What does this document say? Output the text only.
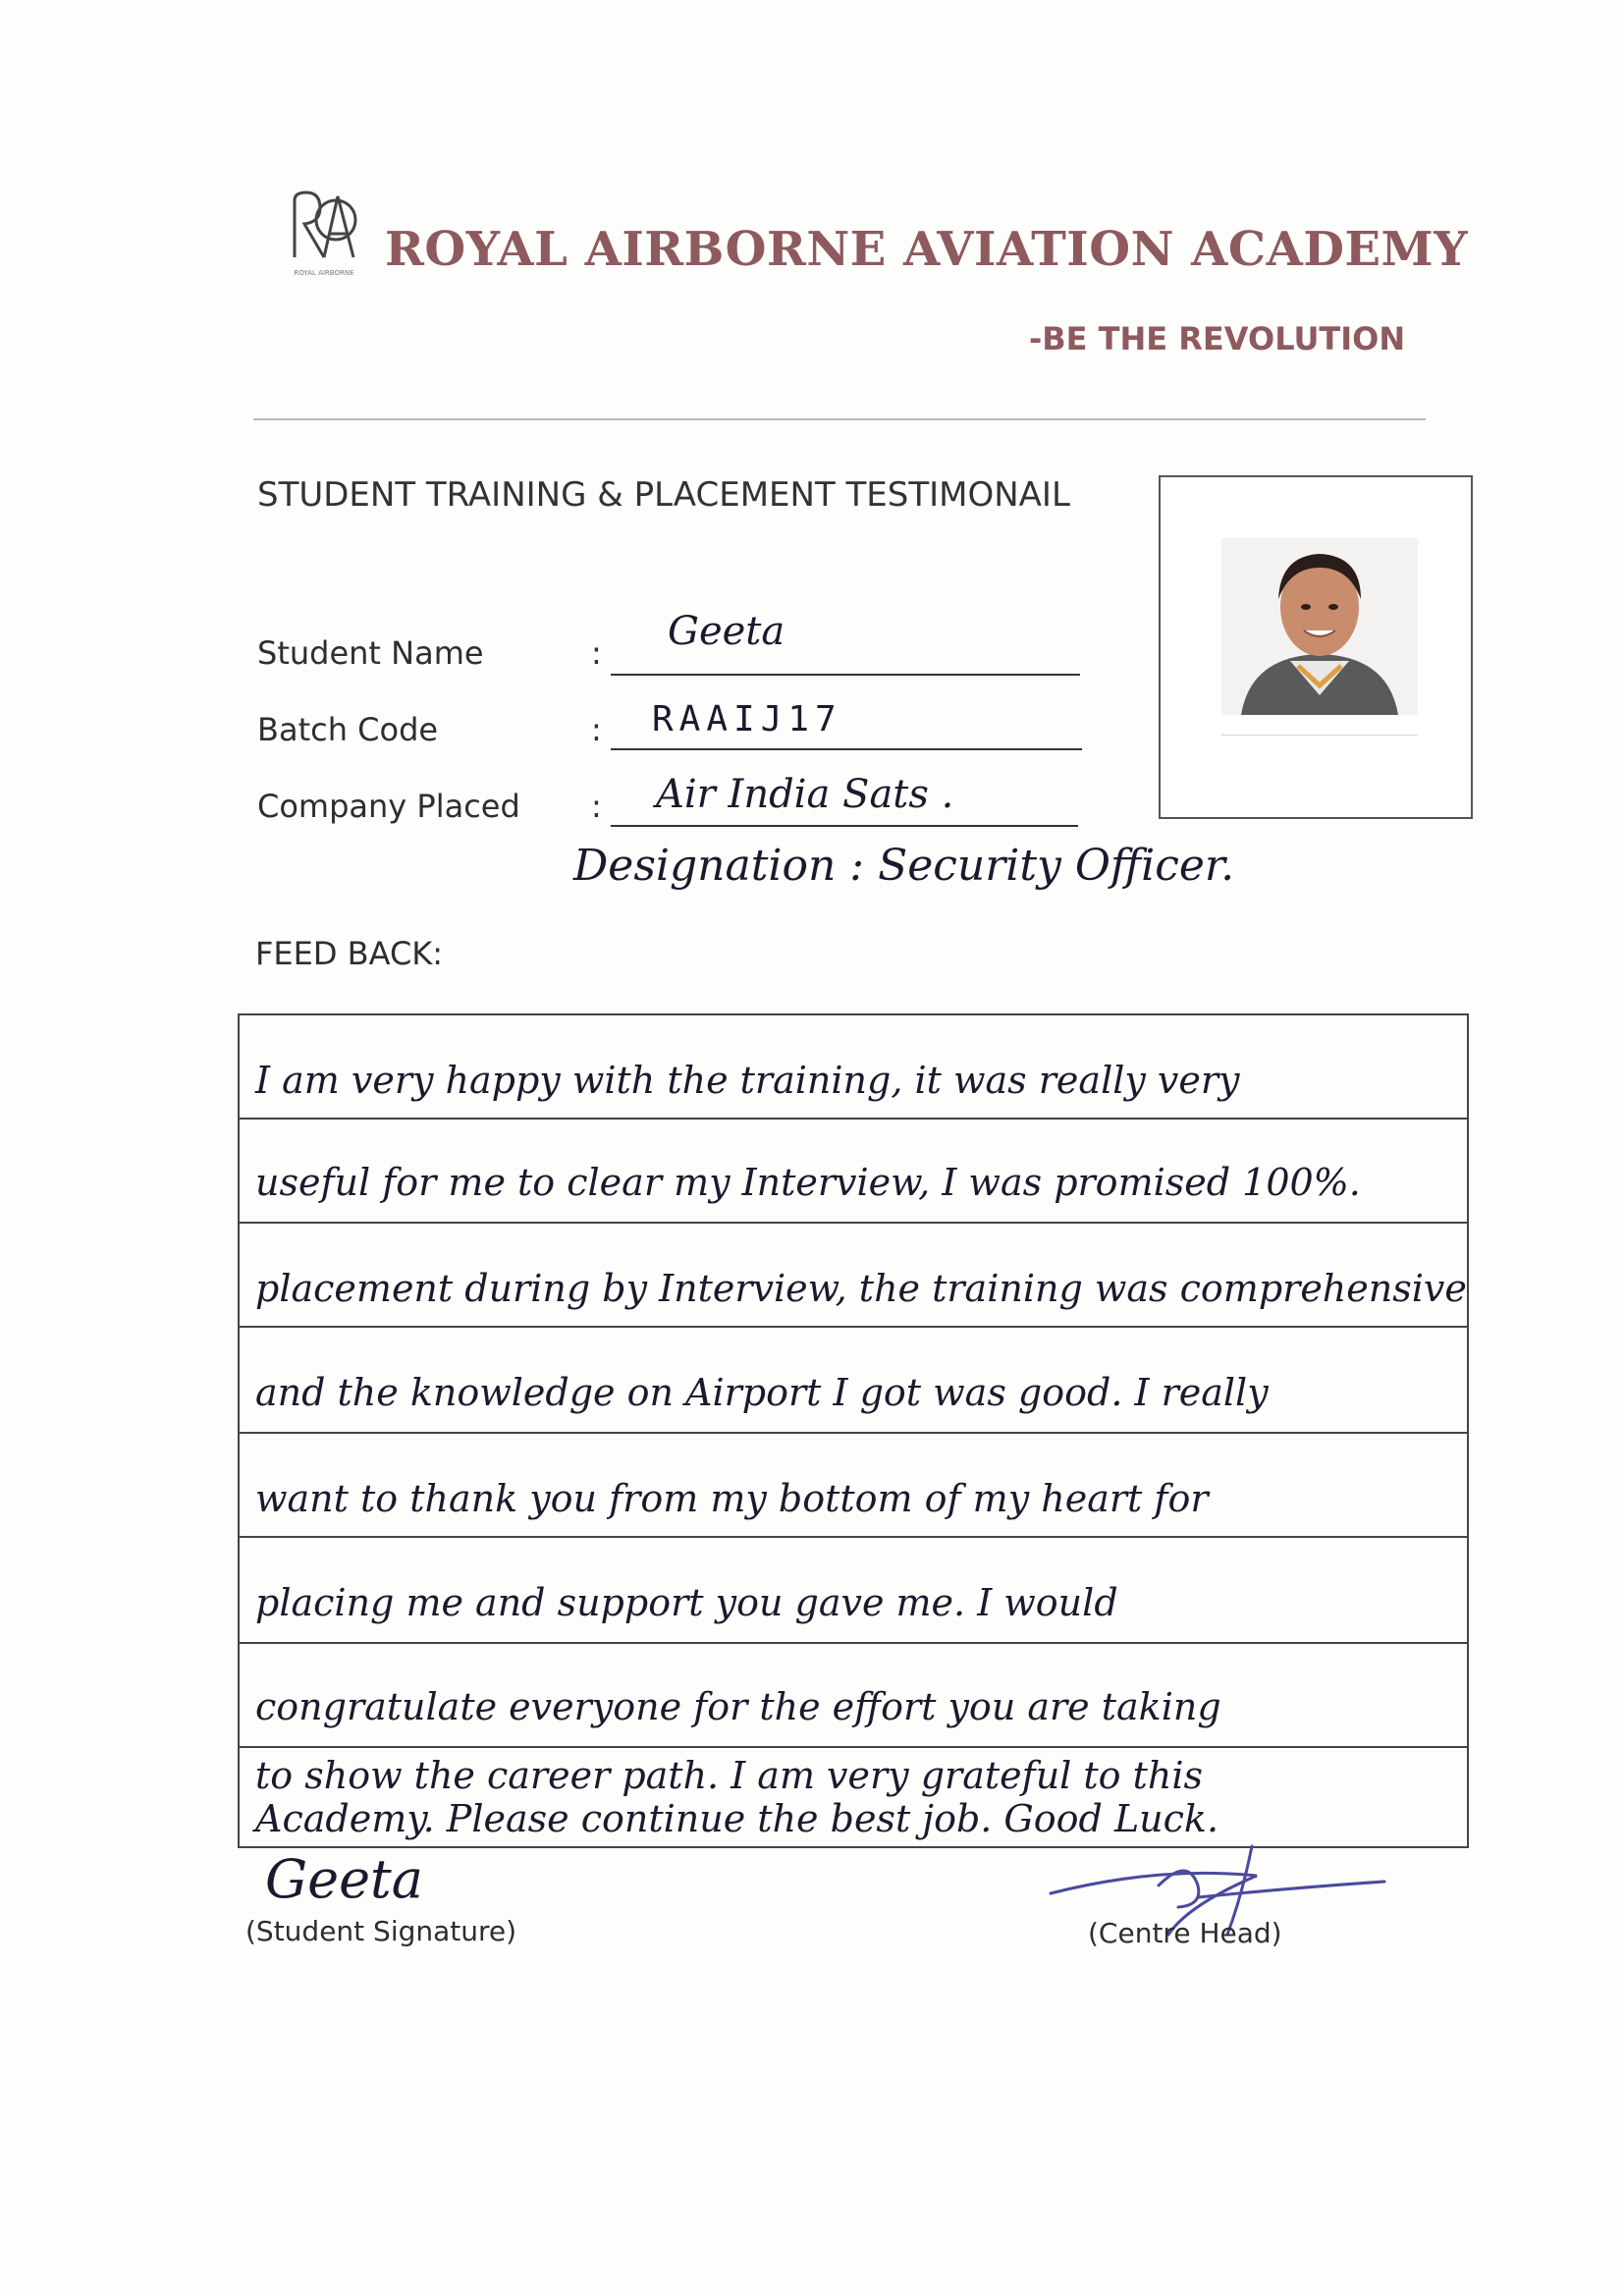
ROYAL AIRBORNE ROYAL AIRBORNE AVIATION ACADEMY
-BE THE REVOLUTION
STUDENT TRAINING & PLACEMENT TESTIMONAIL
Student Name	: Geeta
Batch Code	: RAAIJ17
Company Placed : Air India Sats .
Designation : Security Officer.
FEED BACK:
I am very happy with the training, it was really very
useful for me to clear my Interview, I was promised 100%.
placement during by Interview, the training was comprehensive
and the knowledge on Airport I got was good. I really
want to thank you from my bottom of my heart for
placing me and support you gave me. I would
congratulate everyone for the effort you are taking
to show the career path. I am very grateful to this
Academy. Please continue the best job. Good Luck.
Geeta
(Student Signature)	(Centre Head)
